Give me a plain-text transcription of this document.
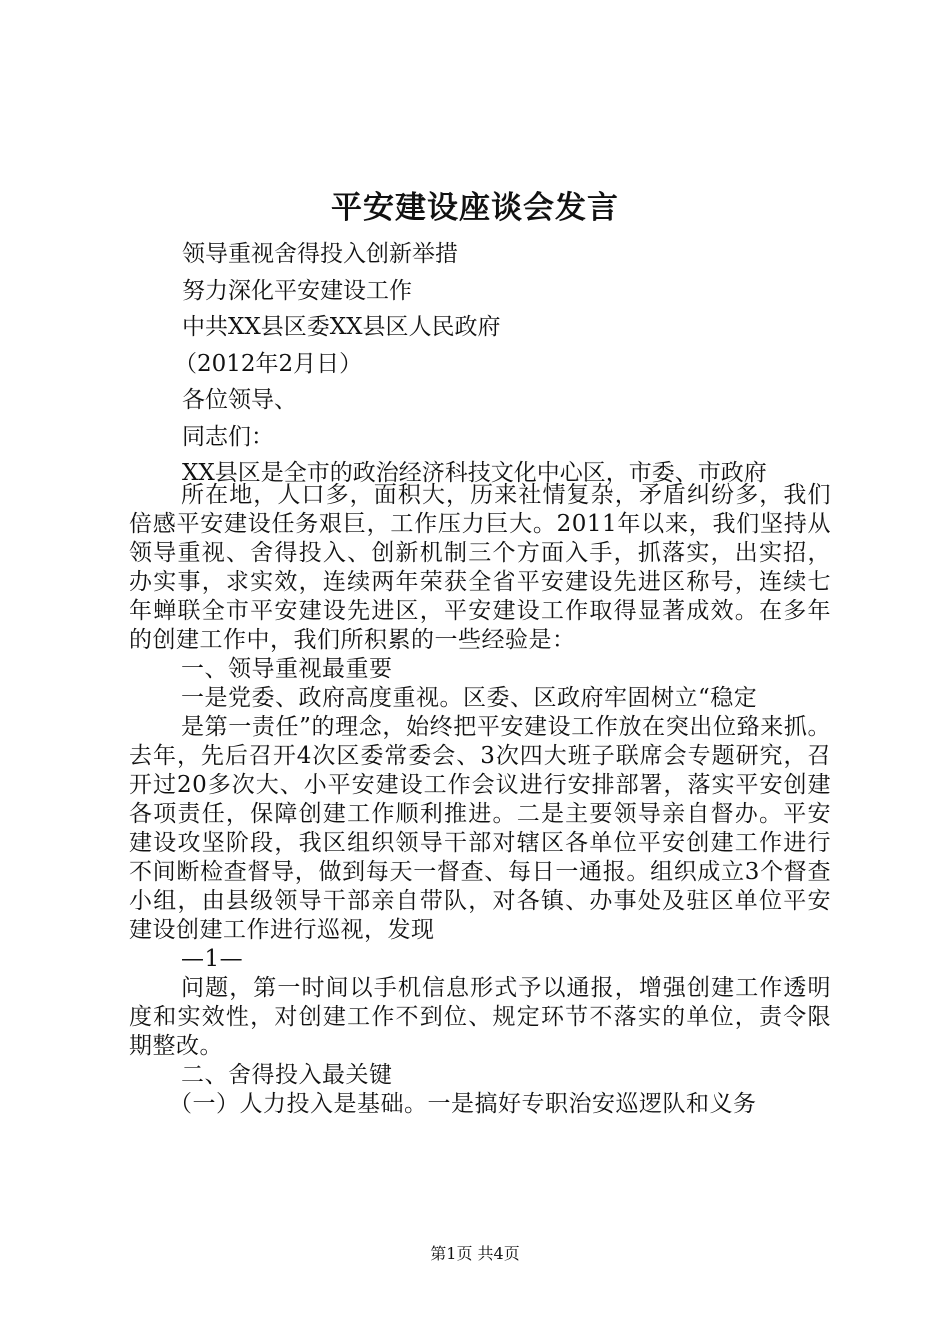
平安建设座谈会发言
领导重视舍得投入创新举措
努力深化平安建设工作
中共XX县区委XX县区人民政府
（2012年2月日）
各位领导、
同志们：
XX县区是全市的政治经济科技文化中心区，市委、市政府

所在地，人口多，面积大，历来社情复杂，矛盾纠纷多，我们倍感平安建设任务艰巨，工作压力巨大。2011年以来，我们坚持从领导重视、舍得投入、创新机制三个方面入手，抓落实，出实招，办实事，求实效，连续两年荣获全省平安建设先进区称号，连续七年蝉联全市平安建设先进区，平安建设工作取得显著成效。在多年的创建工作中，我们所积累的一些经验是：

一、领导重视最重要

一是党委、政府高度重视。区委、区政府牢固树立“稳定

是第一责任”的理念，始终把平安建设工作放在突出位臵来抓。去年，先后召开4次区委常委会、3次四大班子联席会专题研究，召开过20多次大、小平安建设工作会议进行安排部署，落实平安创建各项责任，保障创建工作顺利推进。二是主要领导亲自督办。平安建设攻坚阶段，我区组织领导干部对辖区各单位平安创建工作进行不间断检查督导，做到每天一督查、每日一通报。组织成立3个督查小组，由县级领导干部亲自带队，对各镇、办事处及驻区单位平安建设创建工作进行巡视，发现

—1—

问题，第一时间以手机信息形式予以通报，增强创建工作透明度和实效性，对创建工作不到位、规定环节不落实的单位，责令限期整改。

二、舍得投入最关键

（一）人力投入是基础。一是搞好专职治安巡逻队和义务

第1页 共4页
